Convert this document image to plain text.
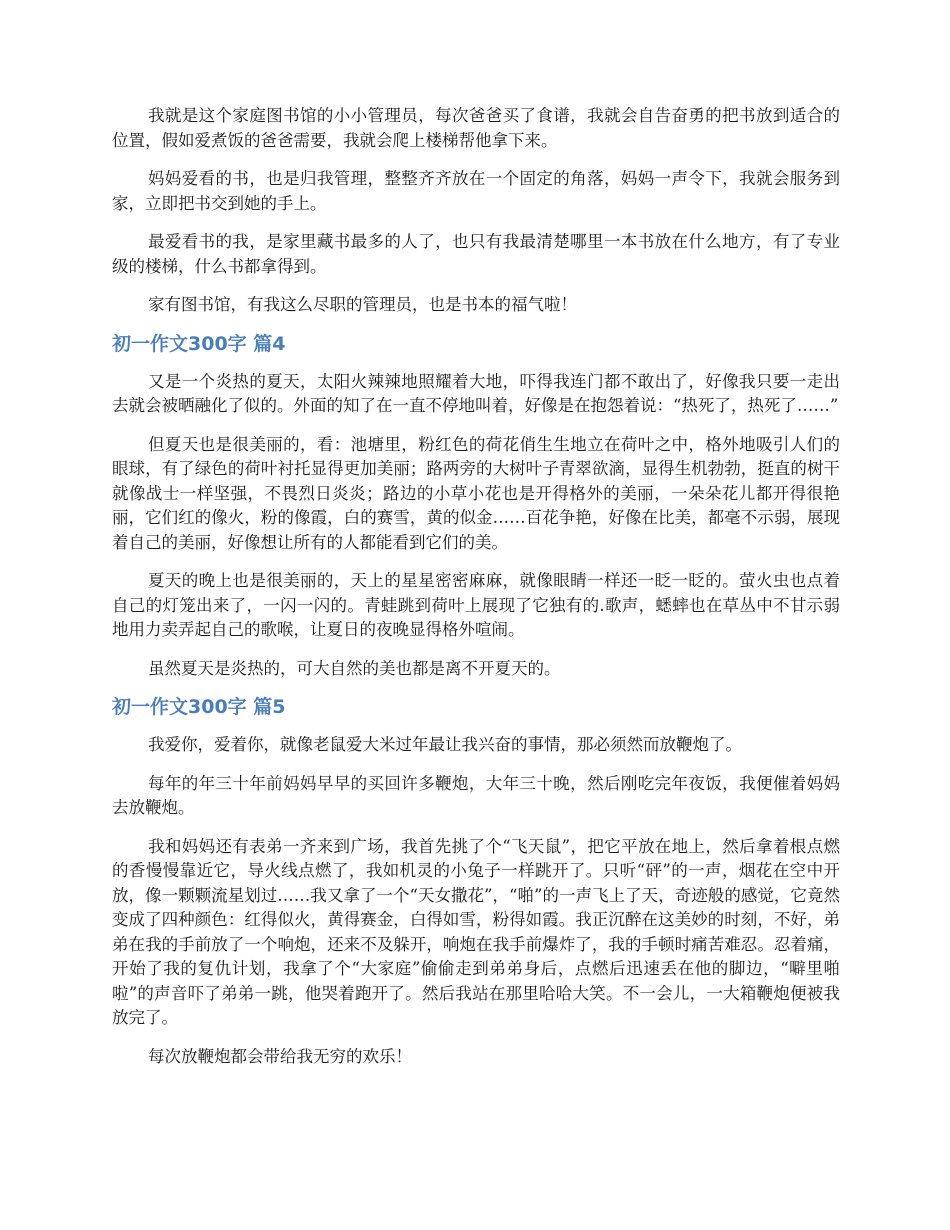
我就是这个家庭图书馆的小小管理员，每次爸爸买了食谱，我就会自告奋勇的把书放到适合的位置，假如爱煮饭的爸爸需要，我就会爬上楼梯帮他拿下来。

妈妈爱看的书，也是归我管理，整整齐齐放在一个固定的角落，妈妈一声令下，我就会服务到家，立即把书交到她的手上。

最爱看书的我，是家里藏书最多的人了，也只有我最清楚哪里一本书放在什么地方，有了专业级的楼梯，什么书都拿得到。

家有图书馆，有我这么尽职的管理员，也是书本的福气啦！

初一作文300字 篇4

又是一个炎热的夏天，太阳火辣辣地照耀着大地，吓得我连门都不敢出了，好像我只要一走出去就会被晒融化了似的。外面的知了在一直不停地叫着，好像是在抱怨着说：“热死了，热死了……”

但夏天也是很美丽的，看：池塘里，粉红色的荷花俏生生地立在荷叶之中，格外地吸引人们的眼球，有了绿色的荷叶衬托显得更加美丽；路两旁的大树叶子青翠欲滴，显得生机勃勃，挺直的树干就像战士一样坚强，不畏烈日炎炎；路边的小草小花也是开得格外的美丽，一朵朵花儿都开得很艳丽，它们红的像火，粉的像霞，白的赛雪，黄的似金……百花争艳，好像在比美，都毫不示弱，展现着自己的美丽，好像想让所有的人都能看到它们的美。

夏天的晚上也是很美丽的，天上的星星密密麻麻，就像眼睛一样还一眨一眨的。萤火虫也点着自己的灯笼出来了，一闪一闪的。青蛙跳到荷叶上展现了它独有的.歌声，蟋蟀也在草丛中不甘示弱地用力卖弄起自己的歌喉，让夏日的夜晚显得格外喧闹。

虽然夏天是炎热的，可大自然的美也都是离不开夏天的。

初一作文300字 篇5

我爱你，爱着你，就像老鼠爱大米过年最让我兴奋的事情，那必须然而放鞭炮了。

每年的年三十年前妈妈早早的买回许多鞭炮，大年三十晚，然后刚吃完年夜饭，我便催着妈妈去放鞭炮。

我和妈妈还有表弟一齐来到广场，我首先挑了个“飞天鼠”，把它平放在地上，然后拿着根点燃的香慢慢靠近它，导火线点燃了，我如机灵的小兔子一样跳开了。只听“砰”的一声，烟花在空中开放，像一颗颗流星划过……我又拿了一个“天女撒花”，“啪”的一声飞上了天，奇迹般的感觉，它竟然变成了四种颜色：红得似火，黄得赛金，白得如雪，粉得如霞。我正沉醉在这美妙的时刻，不好，弟弟在我的手前放了一个响炮，还来不及躲开，响炮在我手前爆炸了，我的手顿时痛苦难忍。忍着痛，开始了我的复仇计划，我拿了个“大家庭”偷偷走到弟弟身后，点燃后迅速丢在他的脚边，“噼里啪啦”的声音吓了弟弟一跳，他哭着跑开了。然后我站在那里哈哈大笑。不一会儿，一大箱鞭炮便被我放完了。

每次放鞭炮都会带给我无穷的欢乐！
